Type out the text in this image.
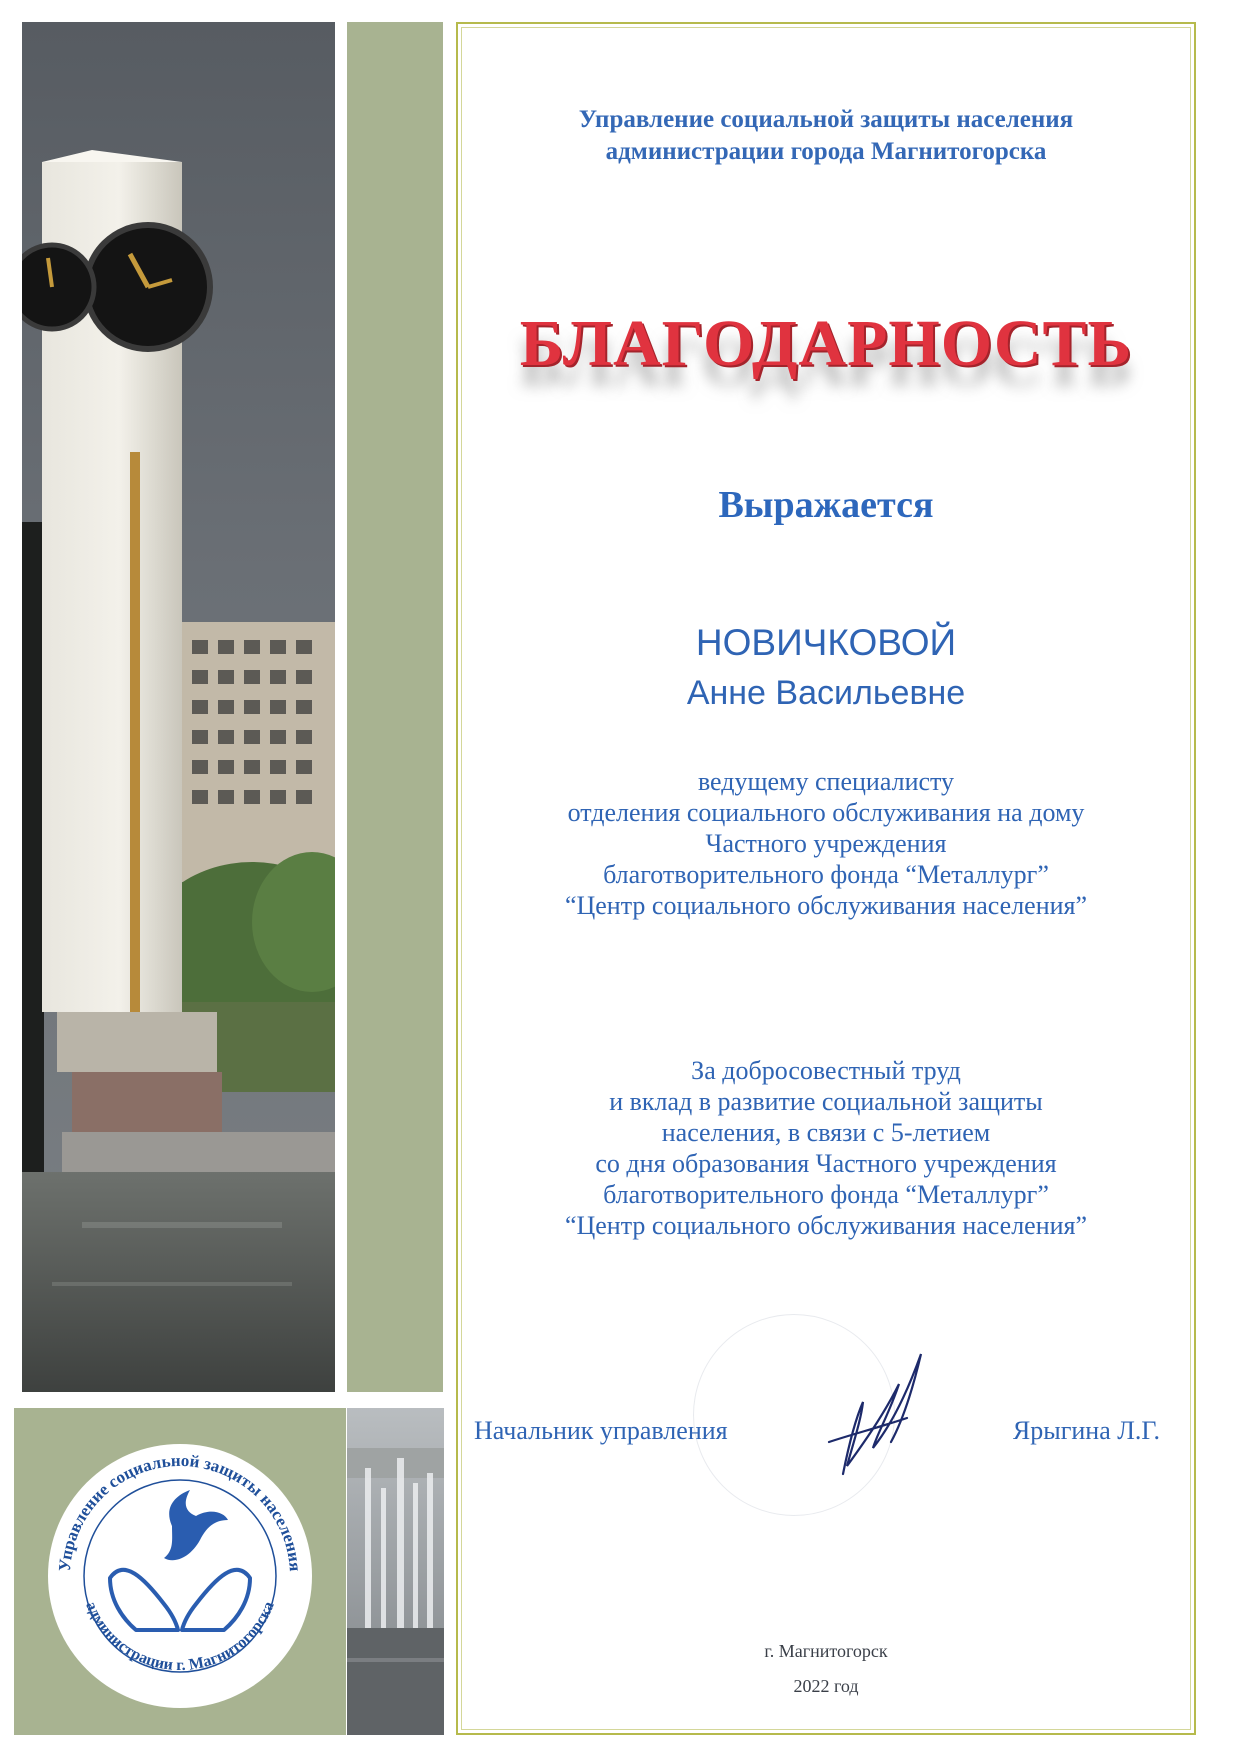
Управление социальной защиты населения
администрации г. Магнитогорска
Управление социальной защиты населения
администрации города Магнитогорска
БЛАГОДАРНОСТЬ
Выражается
НОВИЧКОВОЙ
Анне Васильевне
ведущему специалисту
отделения социального обслуживания на дому
Частного учреждения
благотворительного фонда “Металлург”
“Центр социального обслуживания населения”
За добросовестный труд
и вклад в развитие социальной защиты
населения, в связи с 5-летием
со дня образования Частного учреждения
благотворительного фонда “Металлург”
“Центр социального обслуживания населения”
Начальник управления	Ярыгина Л.Г.
г. Магнитогорск
2022 год
